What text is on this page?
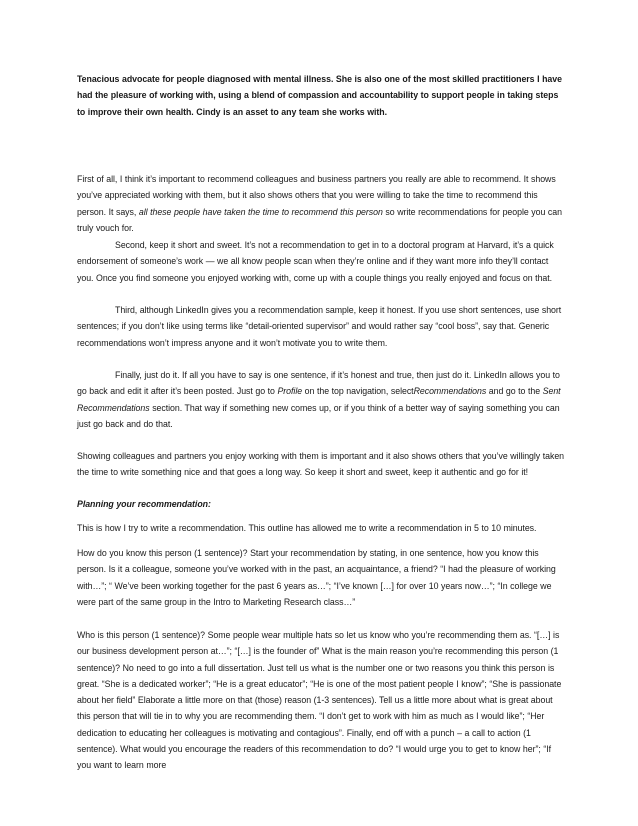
Tenacious advocate for people diagnosed with mental illness. She is also one of the most skilled practitioners I have had the pleasure of working with, using a blend of compassion and accountability to support people in taking steps to improve their own health. Cindy is an asset to any team she works with.

First of all, I think it’s important to recommend colleagues and business partners you really are able to recommend. It shows you’ve appreciated working with them, but it also shows others that you were willing to take the time to recommend this person. It says, all these people have taken the time to recommend this person so write recommendations for people you can truly vouch for.

Second, keep it short and sweet. It’s not a recommendation to get in to a doctoral program at Harvard, it’s a quick endorsement of someone’s work — we all know people scan when they’re online and if they want more info they’ll contact you. Once you find someone you enjoyed working with, come up with a couple things you really enjoyed and focus on that.

Third, although LinkedIn gives you a recommendation sample, keep it honest. If you use short sentences, use short sentences; if you don’t like using terms like “detail-oriented supervisor” and would rather say “cool boss”, say that. Generic recommendations won’t impress anyone and it won’t motivate you to write them.

Finally, just do it. If all you have to say is one sentence, if it’s honest and true, then just do it. LinkedIn allows you to go back and edit it after it’s been posted. Just go to Profile on the top navigation, selectRecommendations and go to the Sent Recommendations section. That way if something new comes up, or if you think of a better way of saying something you can just go back and do that.

Showing colleagues and partners you enjoy working with them is important and it also shows others that you’ve willingly taken the time to write something nice and that goes a long way. So keep it short and sweet, keep it authentic and go for it!

Planning your recommendation:

This is how I try to write a recommendation. This outline has allowed me to write a recommendation in 5 to 10 minutes.

How do you know this person (1 sentence)? Start your recommendation by stating, in one sentence, how you know this person. Is it a colleague, someone you’ve worked with in the past, an acquaintance, a friend? “I had the pleasure of working with…”; “ We’ve been working together for the past 6 years as…”; “I’ve known […] for over 10 years now…”; “In college we were part of the same group in the Intro to Marketing Research class…”

Who is this person (1 sentence)? Some people wear multiple hats so let us know who you’re recommending them as. “[…] is our business development person at…”; “[…] is the founder of” What is the main reason you’re recommending this person (1 sentence)? No need to go into a full dissertation. Just tell us what is the number one or two reasons you think this person is great. “She is a dedicated worker”; “He is a great educator”; “He is one of the most patient people I know”; “She is passionate about her field” Elaborate a little more on that (those) reason (1-3 sentences). Tell us a little more about what is great about this person that will tie in to why you are recommending them. “I don’t get to work with him as much as I would like”; “Her dedication to educating her colleagues is motivating and contagious”. Finally, end off with a punch – a call to action (1 sentence). What would you encourage the readers of this recommendation to do? “I would urge you to get to know her”; “If you want to learn more
